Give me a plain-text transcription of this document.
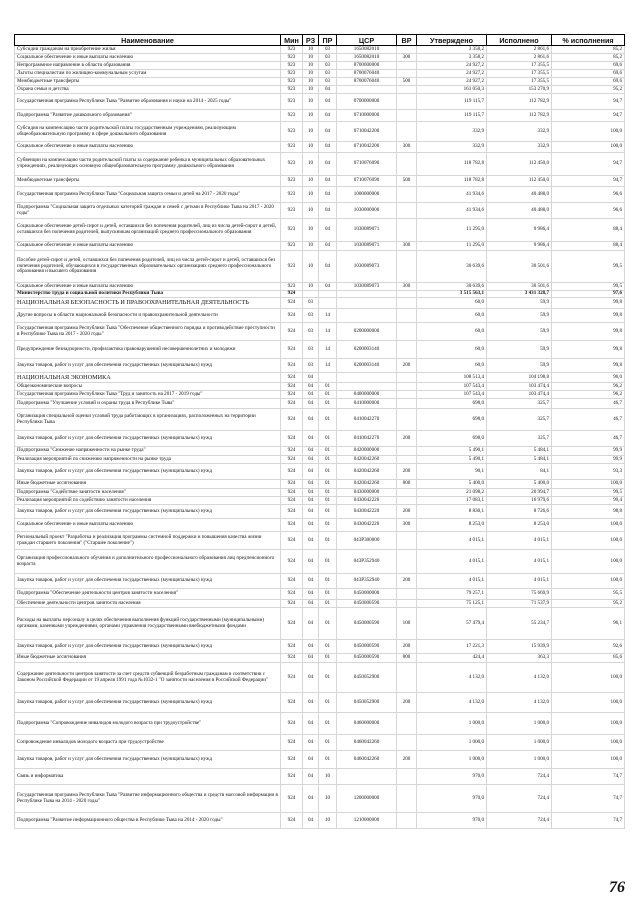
Наименование	Мин	РЗ	ПР	ЦСР	ВР	Утверждено	Исполнено	% исполнения
Субсидии гражданам на приобретение жилья	923	10	03	1650082010		3 358,2	2 861,6	85,2
Социальное обеспечение и иные выплаты населению	923	10	03	1650082010	300	3 358,2	2 861,6	85,2
Непрограммное направление в области образования	923	10	03	8700000000		24 927,2	17 355,5	69,6
Льготы специалистам по жилищно-коммунальным услугам	923	10	03	8700076040		24 927,2	17 355,5	69,6
Межбюджетные трансферты	923	10	03	8700076040	500	24 927,2	17 355,5	69,6
Охрана семьи и детства	923	10	04			161 050,3	153 270,9	95,2
Государственная программа Республики Тыва "Развитие образования и науки на 2014 - 2025 годы"	923	10	04	0700000000		119 115,7	112 782,9	94,7
Подпрограмма "Развитие дошкольного образования"	923	10	04	0710000000		119 115,7	112 782,9	94,7
Субсидия на компенсацию части родительской платы государственным учреждениям, реализующим общеобразовательную программу в сфере дошкольного образования	923	10	04	0710042200		332,9	332,9	100,0
Социальное обеспечение и иные выплаты населению	923	10	04	0710042200	300	332,9	332,9	100,0
Субвенции на компенсацию части родительской платы за содержание ребенка в муниципальных образовательных учреждениях, реализующих основную общеобразовательную программу дошкольного образования	923	10	04	0710076090		118 782,8	112 450,0	94,7
Межбюджетные трансферты	923	10	04	0710076090	500	118 782,8	112 450,0	94,7
Государственная программа Республики Тыва "Социальная защита семьи и детей на 2017 - 2020 годы"	923	10	04	1000000000		41 934,6	40 488,0	96,6
Подпрограмма "Социальная защита отдельных категорий граждан и семей с детьми в Республике Тыва на 2017 - 2020 годы"	923	10	04	1030000000		41 934,6	40 488,0	96,6
Социальное обеспечение детей-сирот и детей, оставшихся без попечения родителей, лиц из числа детей-сирот и детей, оставшихся без попечения родителей, выпускникам организаций среднего профессионального образования	923	10	04	1030089071		11 295,0	9 986,4	88,4
Социальное обеспечение и иные выплаты населению	923	10	04	1030089071	300	11 295,0	9 986,4	88,4
Пособие детей-сирот и детей, оставшихся без попечения родителей, лиц из числа детей-сирот и детей, оставшихся без попечения родителей, обучающихся в государственных образовательных организациях среднего профессионального образования и высшего образования	923	10	04	1030089073		30 639,6	30 501,6	99,5
Социальное обеспечение и иные выплаты населению	923	10	04	1030089073	300	30 639,6	30 501,6	99,5
Министерство труда и социальной политики Республики Тыва	924					3 515 563,1	3 431 328,7	97,6
НАЦИОНАЛЬНАЯ БЕЗОПАСНОСТЬ И ПРАВООХРАНИТЕЛЬНАЯ ДЕЯТЕЛЬНОСТЬ	924	03				60,0	59,9	99,8
Другие вопросы в области национальной безопасности и правоохранительной деятельности	924	03	14			60,0	59,9	99,8
Государственная программа Республики Тыва "Обеспечение общественного порядка и противодействие преступности в Республике Тыва на 2017 - 2020 годы"	924	03	14	0200000000		60,0	59,9	99,8
Предупреждение безнадзорности, профилактика правонарушений несовершеннолетних и молодежи	924	03	14	0200003140		60,0	59,9	99,8
Закупка товаров, работ и услуг для обеспечения государственных (муниципальных) нужд	924	03	14	0200003140	200	60,0	59,9	99,8
НАЦИОНАЛЬНАЯ ЭКОНОМИКА	924	04				108 513,4	104 198,8	96,0
Общеэкономические вопросы	924	04	01			107 543,4	103 474,4	96,2
Государственная программа Республики Тыва "Труд и занятость на 2017 - 2019 годы"	924	04	01	0400000000		107 543,4	103 474,4	96,2
Подпрограмма "Улучшение условий и охраны труда в Республике Тыва"	924	04	01	0410000000		698,0	325,7	46,7
Организация специальной оценки условий труда работающих в организациях, расположенных на территории Республики Тыва	924	04	01	0410042270		698,0	325,7	46,7
Закупка товаров, работ и услуг для обеспечения государственных (муниципальных) нужд	924	04	01	0410042270	200	698,0	325,7	46,7
Подпрограмма "Снижение напряженности на рынке труда"	924	04	01	0420000000		5 490,1	5 484,1	99,9
Реализация мероприятий по снижению напряженности на рынке труда	924	04	01	0420042260		5 490,1	5 484,1	99,9
Закупка товаров, работ и услуг для обеспечения государственных (муниципальных) нужд	924	04	01	0420042260	200	90,1	84,1	93,3
Иные бюджетные ассигнования	924	04	01	0420042260	800	5 400,0	5 400,0	100,0
Подпрограмма "Содействие занятости населения"	924	04	01	0430000000		21 098,2	20 994,7	99,5
Реализация мероприятий по содействию занятости населения	924	04	01	0430042220		17 083,1	16 979,6	99,4
Закупка товаров, работ и услуг для обеспечения государственных (муниципальных) нужд	924	04	01	0430042220	200	8 830,1	8 726,6	98,8
Социальное обеспечение и иные выплаты населению	924	04	01	0430042220	300	8 253,0	8 253,0	100,0
Региональный проект "Разработка и реализация программы системной поддержки и повышения качества жизни граждан старшего поколения" ("Старшее поколение")	924	04	01	043P300000		4 015,1	4 015,1	100,0
Организация профессионального обучения и дополнительного профессионального образования лиц предпенсионного возраста	924	04	01	043P352940		4 015,1	4 015,1	100,0
Закупка товаров, работ и услуг для обеспечения государственных (муниципальных) нужд	924	04	01	043P352940	200	4 015,1	4 015,1	100,0
Подпрограмма "Обеспечение деятельности центров занятости населения"	924	04	01	0450000000		79 257,1	75 669,9	95,5
Обеспечение деятельности центров занятости населения	924	04	01	0450000590		75 125,1	71 537,9	95,2
Расходы на выплаты персоналу в целях обеспечения выполнения функций государственными (муниципальными) органами, казенными учреждениями, органами управления государственными внебюджетными фондами	924	04	01	0450000590	100	57 479,4	55 234,7	96,1
Закупка товаров, работ и услуг для обеспечения государственных (муниципальных) нужд	924	04	01	0450000590	200	17 221,3	15 939,9	92,6
Иные бюджетные ассигнования	924	04	01	0450000590	800	424,4	363,3	85,6
Содержание деятельности центров занятости за счет средств субвенций безработным гражданам в соответствии с Законом Российской Федерации от 19 апреля 1991 года №1032-1 "О занятости населения в Российской Федерации"	924	04	01	0450052900		4 132,0	4 132,0	100,0
Закупка товаров, работ и услуг для обеспечения государственных (муниципальных) нужд	924	04	01	0450052900	200	4 132,0	4 132,0	100,0
Подпрограмма "Сопровождение инвалидов молодого возраста при трудоустройстве"	924	04	01	0460000000		1 000,0	1 000,0	100,0
Сопровождение инвалидов молодого возраста при трудоустройстве	924	04	01	0460042260		1 000,0	1 000,0	100,0
Закупка товаров, работ и услуг для обеспечения государственных (муниципальных) нужд	924	04	01	0460042260	200	1 000,0	1 000,0	100,0
Связь и информатика	924	04	10			970,0	724,4	74,7
Государственная программа Республики Тыва "Развитие информационного общества и средств массовой информации в Республике Тыва на 2014 - 2020 годы"	924	04	10	1200000000		970,0	724,4	74,7
Подпрограмма "Развитие информационного общества в Республике Тыва на 2014 - 2020 годы"	924	04	10	1210000000		970,0	724,4	74,7
76
